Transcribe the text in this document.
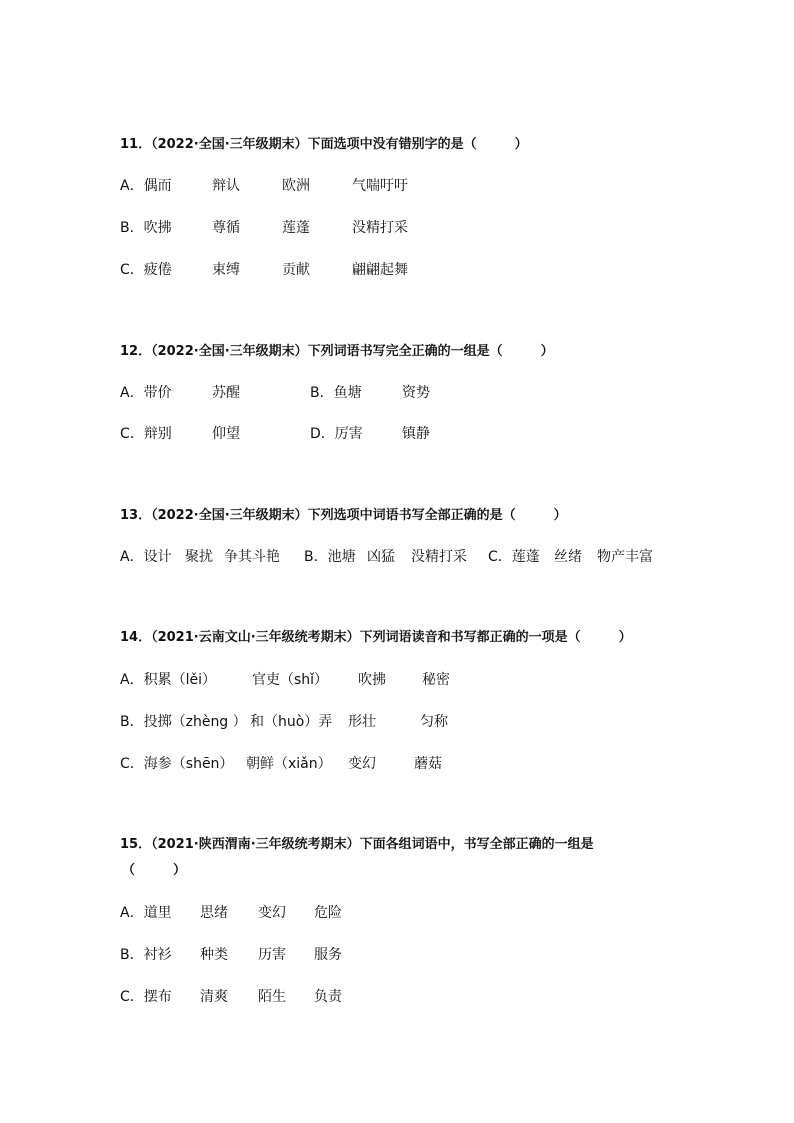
11．（2022·全国·三年级期末）下面选项中没有错别字的是（	）
A．偶而	辩认	欧洲	气喘吁吁
B．吹拂	尊循	莲蓬	没精打采
C．疲倦	束缚	贡献	翩翩起舞
12．（2022·全国·三年级期末）下列词语书写完全正确的一组是（	）
A．带价	苏醒	B．鱼塘	资势
C．辩别	仰望	D．厉害	镇静
13．（2022·全国·三年级期末）下列选项中词语书写全部正确的是（	）
A．设计 聚扰 争其斗艳 B．池塘 凶猛 没精打采 C．莲蓬 丝绪 物产丰富
14．（2021·云南文山·三年级统考期末）下列词语读音和书写都正确的一项是（	）
A．积累（lěi）	官吏（shǐ） 吹拂	秘密
B．投掷（zhèng ） 和（huò）弄 形壮	匀称
C．海参（shēn） 朝鲜（xiǎn） 变幻	蘑菇
15．（2021·陕西渭南·三年级统考期末）下面各组词语中，书写全部正确的一组是
（	）
A．道里 思绪 变幻 危险
B．衬衫 种类 历害 服务
C．摆布 清爽 陌生 负责
